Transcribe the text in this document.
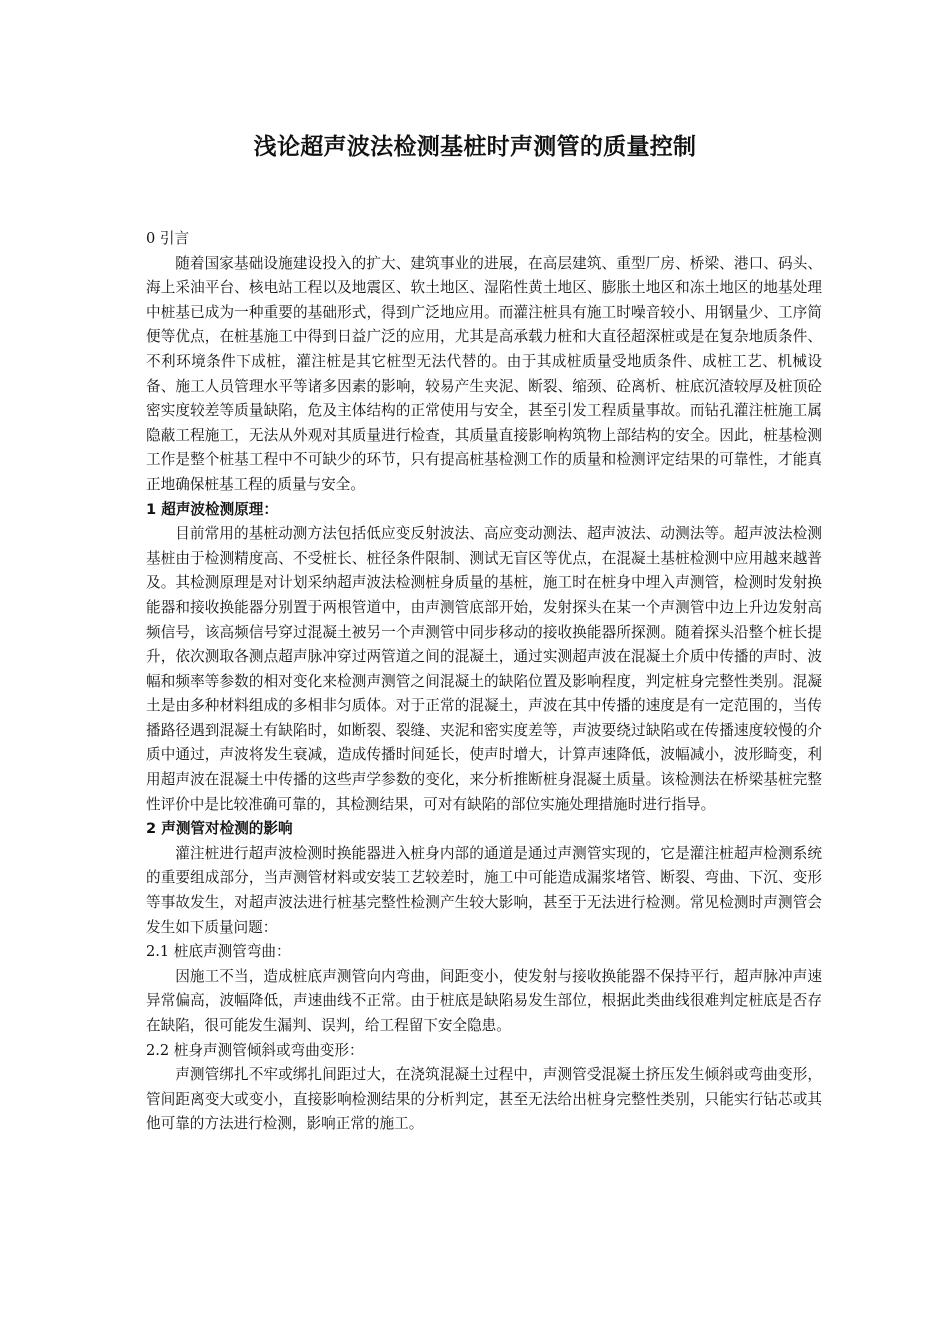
浅论超声波法检测基桩时声测管的质量控制
0 引言

随着国家基础设施建设投入的扩大、建筑事业的进展，在高层建筑、重型厂房、桥梁、港口、码头、海上采油平台、核电站工程以及地震区、软土地区、湿陷性黄土地区、膨胀土地区和冻土地区的地基处理中桩基已成为一种重要的基础形式，得到广泛地应用。而灌注桩具有施工时噪音较小、用钢量少、工序简便等优点，在桩基施工中得到日益广泛的应用，尤其是高承载力桩和大直径超深桩或是在复杂地质条件、不利环境条件下成桩，灌注桩是其它桩型无法代替的。由于其成桩质量受地质条件、成桩工艺、机械设备、施工人员管理水平等诸多因素的影响，较易产生夹泥、断裂、缩颈、砼离析、桩底沉渣较厚及桩顶砼密实度较差等质量缺陷，危及主体结构的正常使用与安全，甚至引发工程质量事故。而钻孔灌注桩施工属隐蔽工程施工，无法从外观对其质量进行检查，其质量直接影响构筑物上部结构的安全。因此，桩基检测工作是整个桩基工程中不可缺少的环节，只有提高桩基检测工作的质量和检测评定结果的可靠性，才能真正地确保桩基工程的质量与安全。

1 超声波检测原理：

目前常用的基桩动测方法包括低应变反射波法、高应变动测法、超声波法、动测法等。超声波法检测基桩由于检测精度高、不受桩长、桩径条件限制、测试无盲区等优点，在混凝土基桩检测中应用越来越普及。其检测原理是对计划采纳超声波法检测桩身质量的基桩，施工时在桩身中埋入声测管，检测时发射换能器和接收换能器分别置于两根管道中，由声测管底部开始，发射探头在某一个声测管中边上升边发射高频信号，该高频信号穿过混凝土被另一个声测管中同步移动的接收换能器所探测。随着探头沿整个桩长提升，依次测取各测点超声脉冲穿过两管道之间的混凝土，通过实测超声波在混凝土介质中传播的声时、波幅和频率等参数的相对变化来检测声测管之间混凝土的缺陷位置及影响程度，判定桩身完整性类别。混凝土是由多种材料组成的多相非匀质体。对于正常的混凝土，声波在其中传播的速度是有一定范围的，当传播路径遇到混凝土有缺陷时，如断裂、裂缝、夹泥和密实度差等，声波要绕过缺陷或在传播速度较慢的介质中通过，声波将发生衰减，造成传播时间延长，使声时增大，计算声速降低，波幅减小，波形畸变，利用超声波在混凝土中传播的这些声学参数的变化，来分析推断桩身混凝土质量。该检测法在桥梁基桩完整性评价中是比较准确可靠的，其检测结果，可对有缺陷的部位实施处理措施时进行指导。

2 声测管对检测的影响

灌注桩进行超声波检测时换能器进入桩身内部的通道是通过声测管实现的，它是灌注桩超声检测系统的重要组成部分，当声测管材料或安装工艺较差时，施工中可能造成漏浆堵管、断裂、弯曲、下沉、变形等事故发生，对超声波法进行桩基完整性检测产生较大影响，甚至于无法进行检测。常见检测时声测管会发生如下质量问题：

2.1 桩底声测管弯曲：

因施工不当，造成桩底声测管向内弯曲，间距变小，使发射与接收换能器不保持平行，超声脉冲声速异常偏高，波幅降低，声速曲线不正常。由于桩底是缺陷易发生部位，根据此类曲线很难判定桩底是否存在缺陷，很可能发生漏判、误判，给工程留下安全隐患。

2.2 桩身声测管倾斜或弯曲变形：

声测管绑扎不牢或绑扎间距过大，在浇筑混凝土过程中，声测管受混凝土挤压发生倾斜或弯曲变形，管间距离变大或变小，直接影响检测结果的分析判定，甚至无法给出桩身完整性类别，只能实行钻芯或其他可靠的方法进行检测，影响正常的施工。
